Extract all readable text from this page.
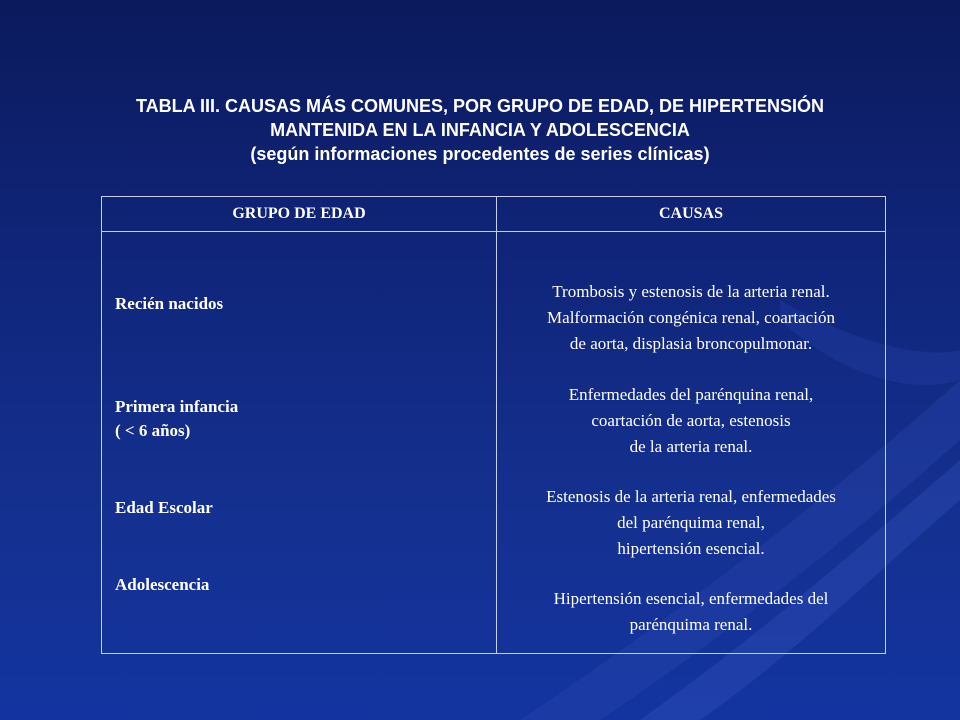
TABLA III. CAUSAS MÁS COMUNES, POR GRUPO DE EDAD, DE HIPERTENSIÓN
MANTENIDA EN LA INFANCIA Y ADOLESCENCIA
(según informaciones procedentes de series clínicas)
GRUPO DE EDAD	CAUSAS
Recién nacidos
Trombosis y estenosis de la arteria renal.
Malformación congénica renal, coartación
de aorta, displasia broncopulmonar.
Primera infancia
( < 6 años)
Enfermedades del parénquina renal,
coartación de aorta, estenosis
de la arteria renal.
Edad Escolar
Estenosis de la arteria renal, enfermedades
del parénquima renal,
hipertensión esencial.
Adolescencia
Hipertensión esencial, enfermedades del
parénquima renal.
